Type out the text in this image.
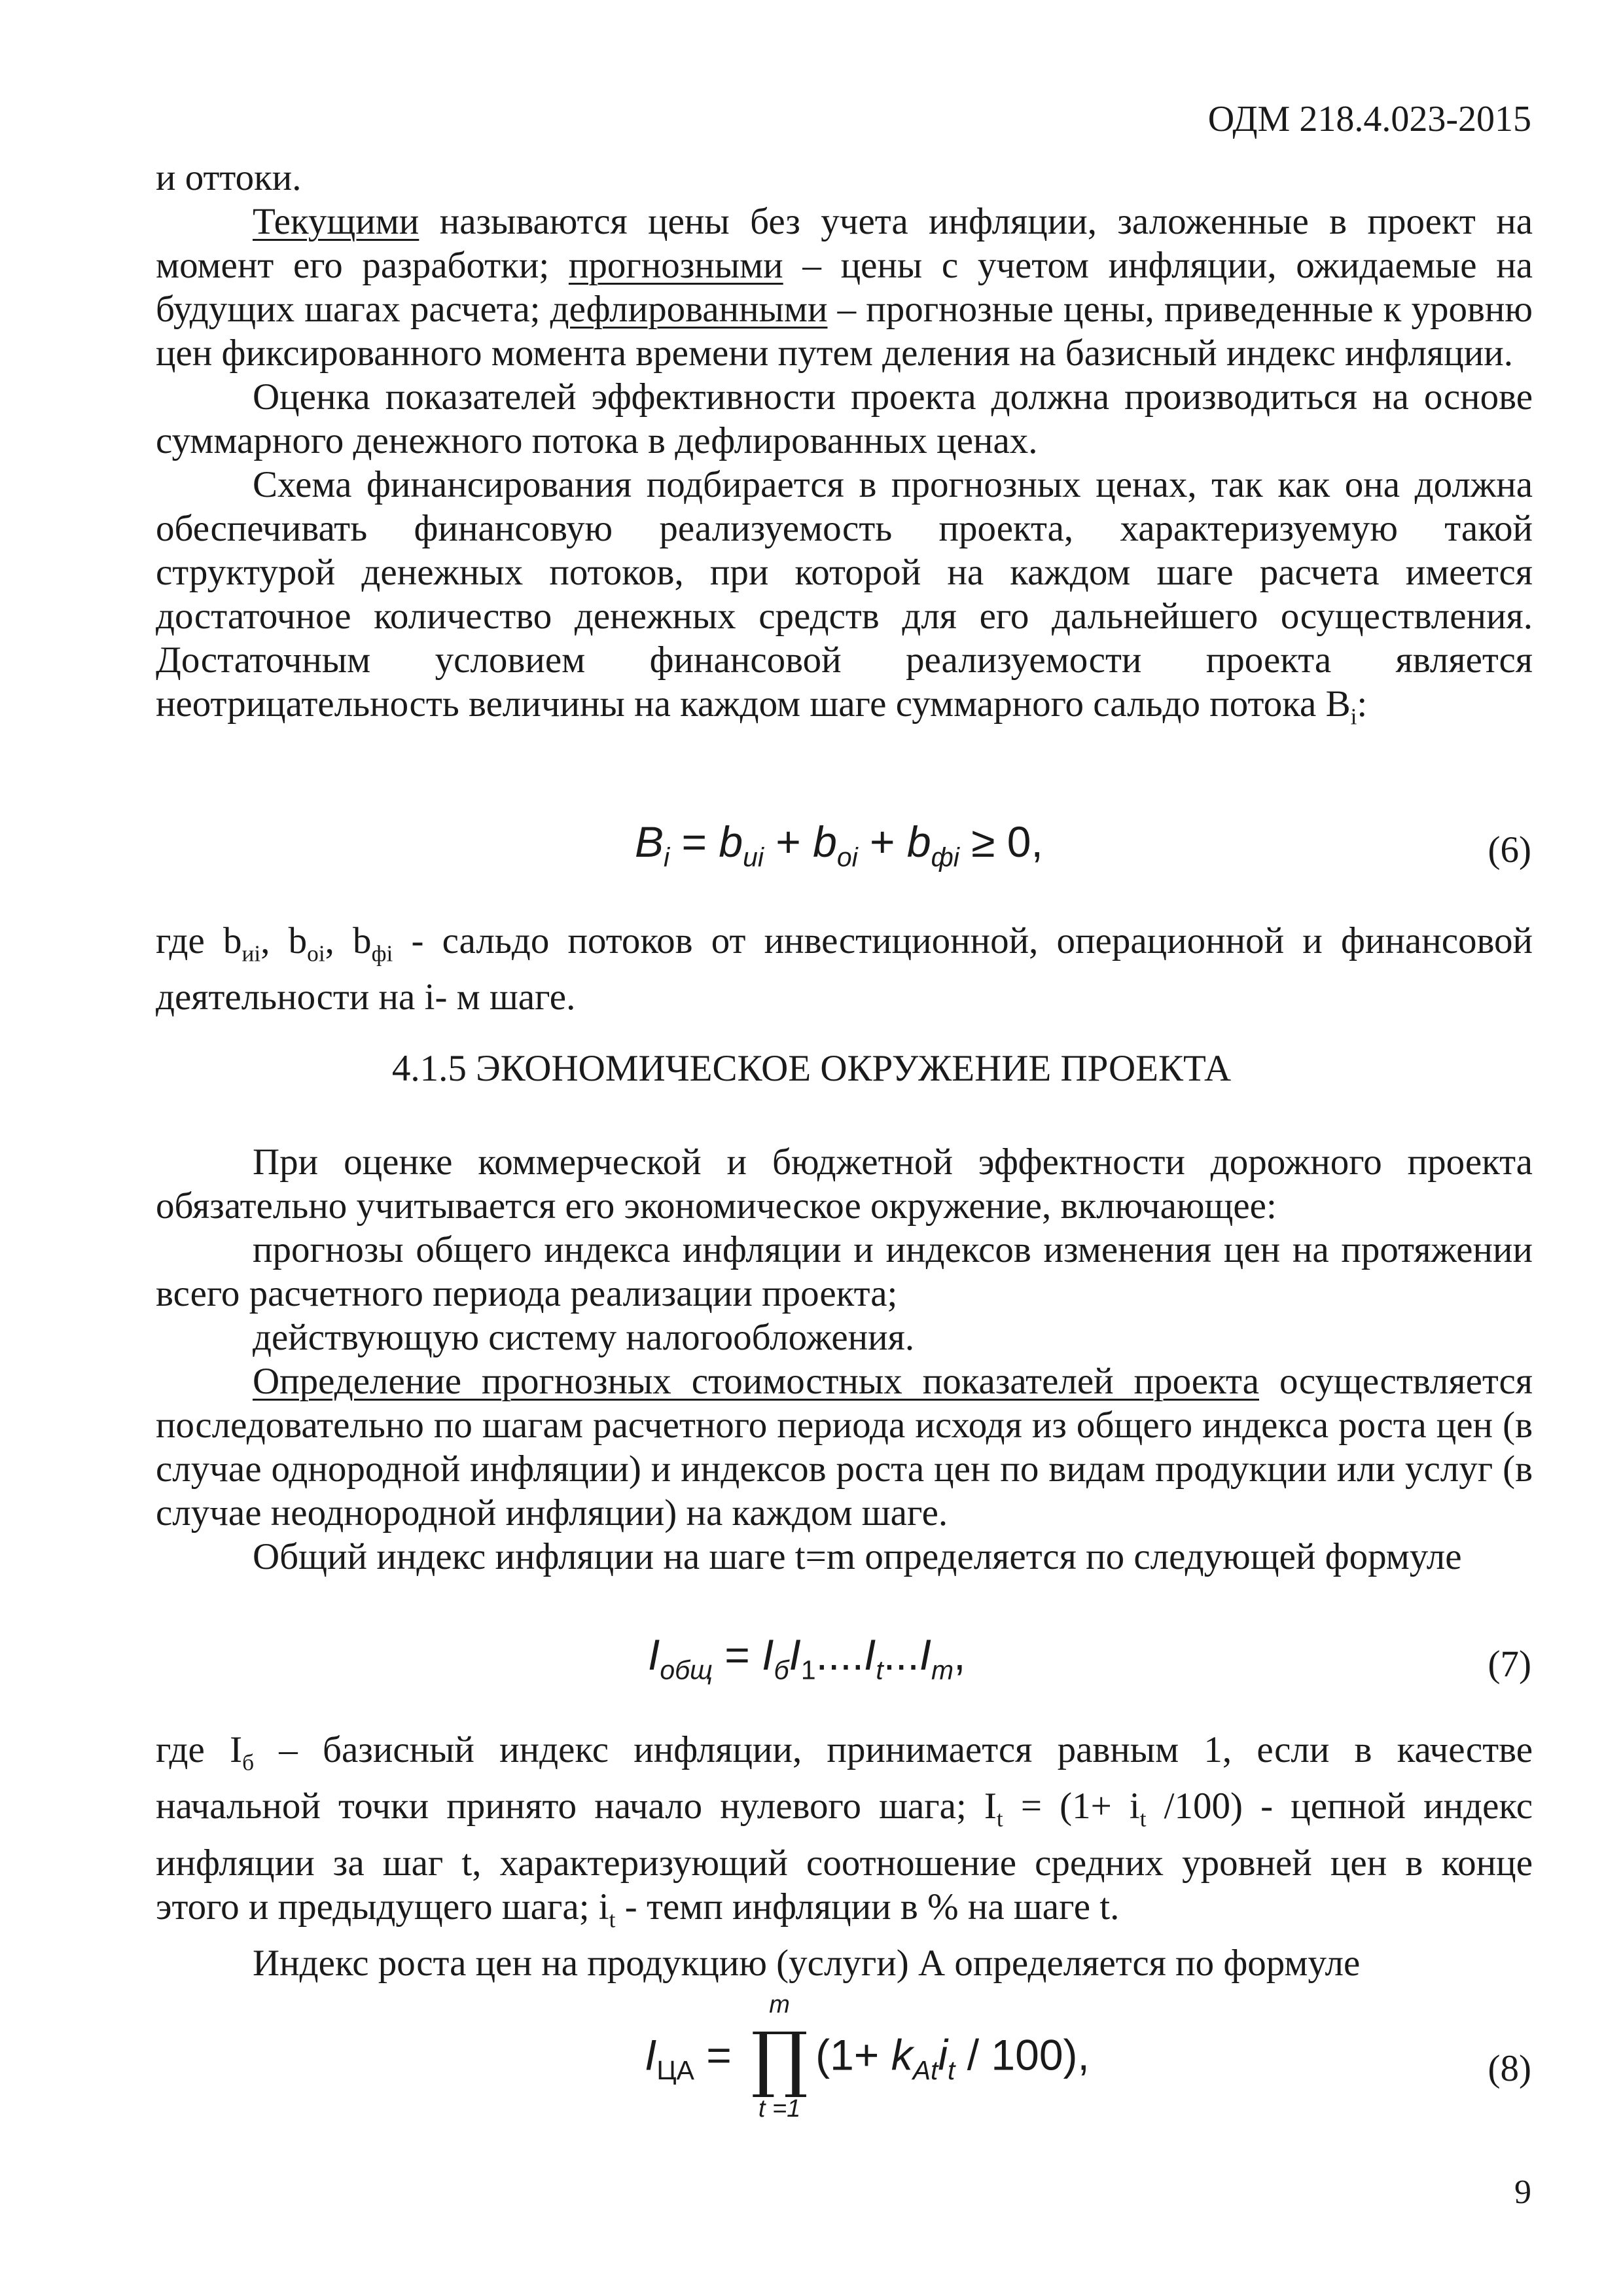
ОДМ 218.4.023-2015

и оттоки.

Текущими называются цены без учета инфляции, заложенные в проект на момент его разработки; прогнозными – цены с учетом инфляции, ожидаемые на будущих шагах расчета; дефлированными – прогнозные цены, приведенные к уровню цен фиксированного момента времени путем деления на базисный индекс инфляции.

Оценка показателей эффективности проекта должна производиться на основе суммарного денежного потока в дефлированных ценах.

Схема финансирования подбирается в прогнозных ценах, так как она должна обеспечивать финансовую реализуемость проекта, характеризуемую такой структурой денежных потоков, при которой на каждом шаге расчета имеется достаточное количество денежных средств для его дальнейшего осуществления. Достаточным условием финансовой реализуемости проекта является неотрицательность величины на каждом шаге суммарного сальдо потока $В_i$:

$B_i = b_{иi} + b_{оi} + b_{фi} \ge 0$,	(6)

где $b_{иi}$, $b_{оi}$, $b_{фi}$ - сальдо потоков от инвестиционной, операционной и финансовой деятельности на i- м шаге.

4.1.5 ЭКОНОМИЧЕСКОЕ ОКРУЖЕНИЕ ПРОЕКТА

При оценке коммерческой и бюджетной эффектности дорожного проекта обязательно учитывается его экономическое окружение, включающее:

прогнозы общего индекса инфляции и индексов изменения цен на протяжении всего расчетного периода реализации проекта;

действующую систему налогообложения.

Определение прогнозных стоимостных показателей проекта осуществляется последовательно по шагам расчетного периода исходя из общего индекса роста цен (в случае однородной инфляции) и индексов роста цен по видам продукции или услуг (в случае неоднородной инфляции) на каждом шаге.

Общий индекс инфляции на шаге t=m определяется по следующей формуле

$I_{общ} = I_бI_1....I_t...I_m$,	(7)

где $I_б$ – базисный индекс инфляции, принимается равным 1, если в качестве начальной точки принято начало нулевого шага; $I_t = (1+ i_t$ /100) - цепной индекс инфляции за шаг t, характеризующий соотношение средних уровней цен в конце этого и предыдущего шага; $i_t$ - темп инфляции в % на шаге t.

Индекс роста цен на продукцию (услуги) А определяется по формуле

$I_{ЦА}$ =
m
∏
t =1
$(1+ k_{At}i_t / 100)$,	(8)
9
